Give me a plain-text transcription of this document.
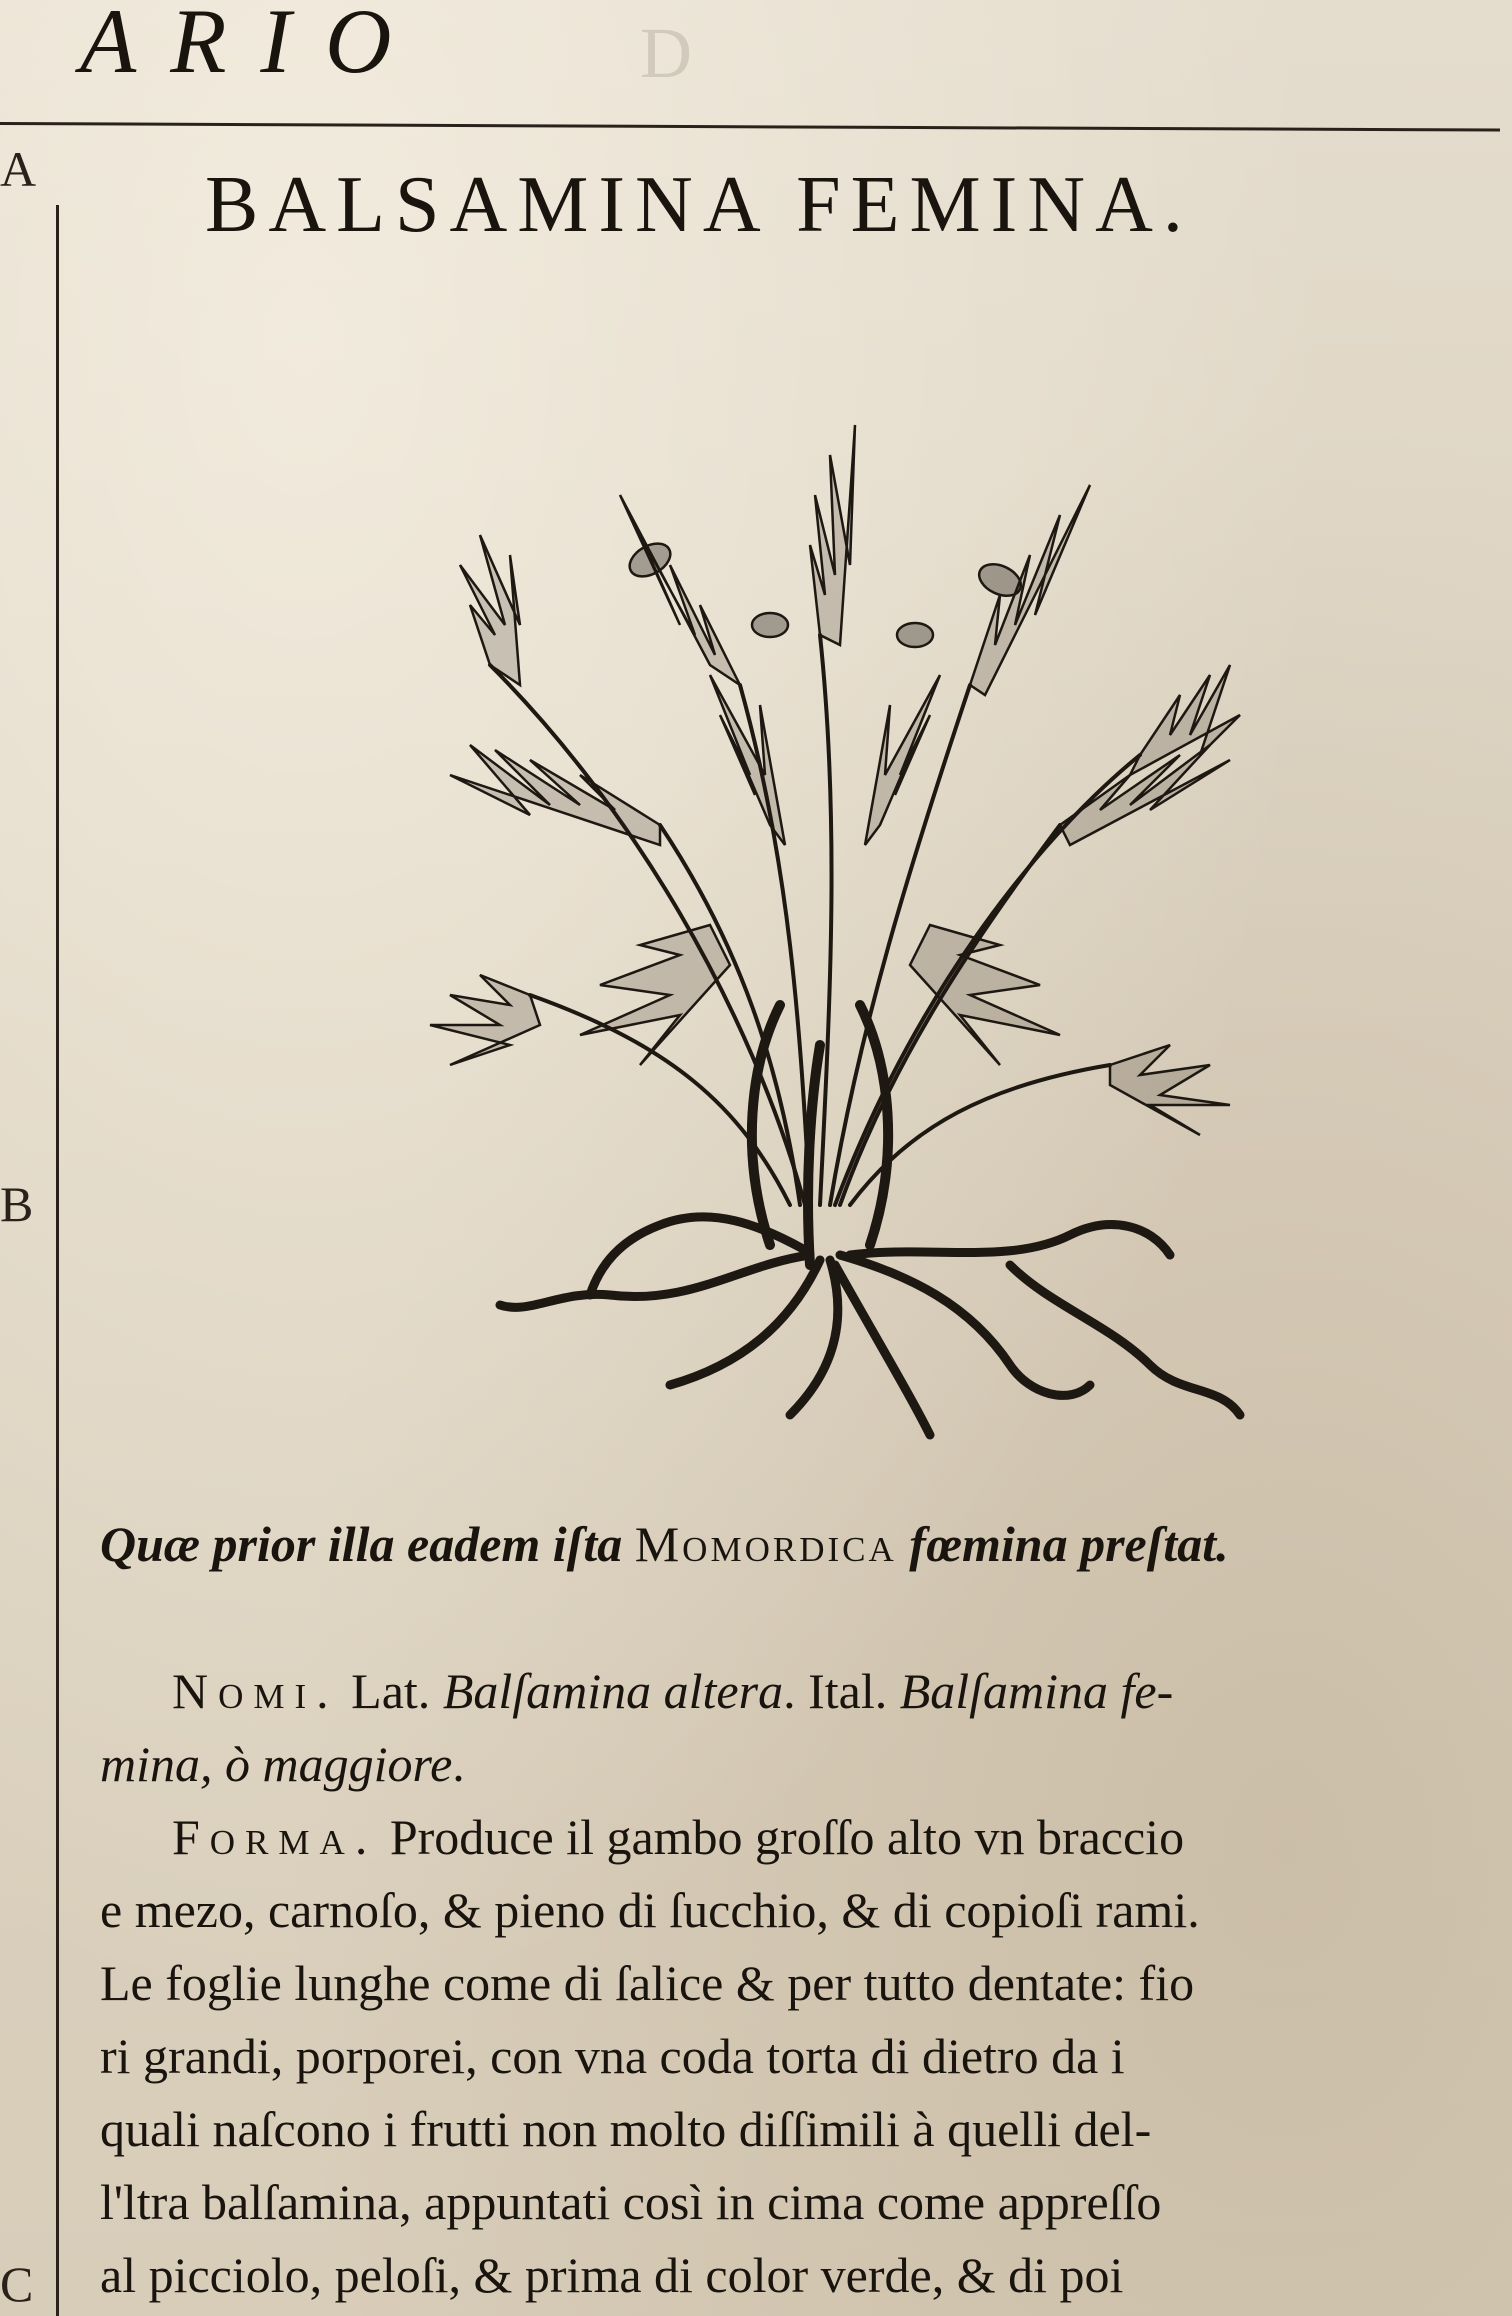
ARIO	D
A
B
C
BALSAMINA FEMINA.
Quæ prior illa eadem iſta Momordica fœmina preſtat.

Nomi. Lat. Balſamina altera. Ital. Balſamina fe-

mina, ò maggiore.

Forma. Produce il gambo groſſo alto vn braccio
e mezo, carnoſo, & pieno di ſucchio, & di copioſi rami.
Le foglie lunghe come di ſalice & per tutto dentate: fio
ri grandi, porporei, con vna coda torta di dietro da i
quali naſcono i frutti non molto diſſimili à quelli del-
l'ltra balſamina, appuntati così in cima come appreſſo
al picciolo, peloſi, & prima di color verde, & di poi
